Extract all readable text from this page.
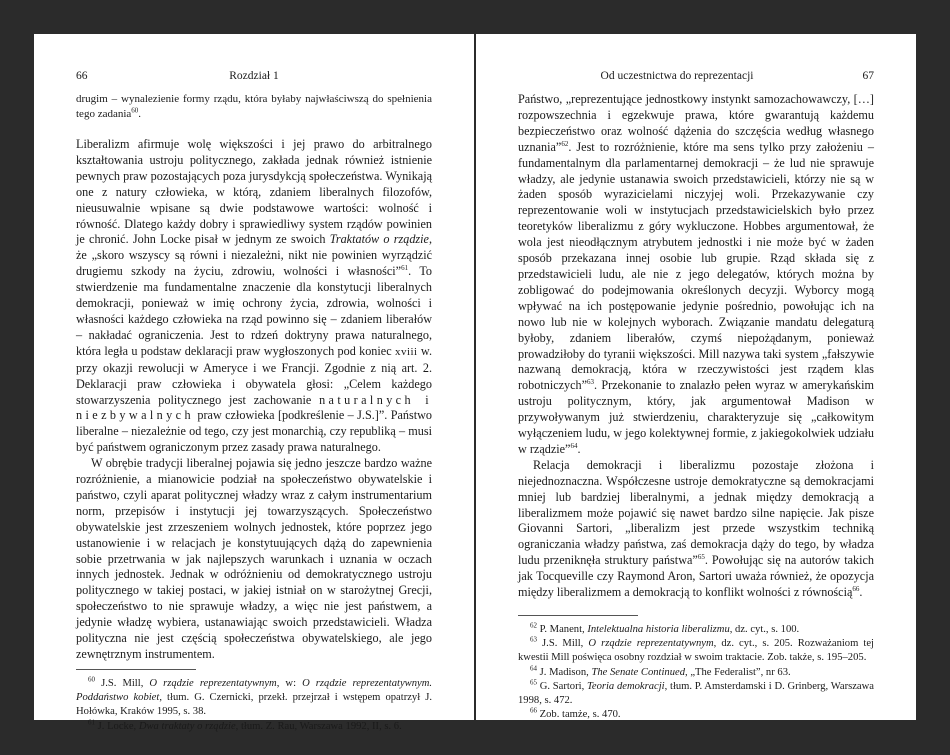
66	Rozdział 1

drugim – wynalezienie formy rządu, która byłaby najwłaściwszą do spełnienia tego zadania$^{60}$.

Liberalizm afirmuje wolę większości i jej prawo do arbitralnego kształtowania ustroju politycznego, zakłada jednak również istnienie pewnych praw pozostających poza jurysdykcją społeczeństwa. Wynikają one z natury człowieka, w którą, zdaniem liberalnych filozofów, nieusuwalnie wpisane są dwie podstawowe wartości: wolność i równość. Dlatego każdy dobry i sprawiedliwy system rządów powinien je chronić. John Locke pisał w jednym ze swoich Traktatów o rządzie, że „skoro wszyscy są równi i niezależni, nikt nie powinien wyrządzić drugiemu szkody na życiu, zdrowiu, wolności i własności”$^{61}$. To stwierdzenie ma fundamentalne znaczenie dla konstytucji liberalnych demokracji, ponieważ w imię ochrony życia, zdrowia, wolności i własności każdego człowieka na rząd powinno się – zdaniem liberałów – nakładać ograniczenia. Jest to rdzeń doktryny prawa naturalnego, która legła u podstaw deklaracji praw wygłoszonych pod koniec xviii w. przy okazji rewolucji w Ameryce i we Francji. Zgodnie z nią art. 2. Deklaracji praw człowieka i obywatela głosi: „Celem każdego stowarzyszenia politycznego jest zachowanie naturalnych i niezbywalnych praw człowieka [podkreślenie – J.S.]”. Państwo liberalne – niezależnie od tego, czy jest monarchią, czy republiką – musi być państwem ograniczonym przez zasady prawa naturalnego.

W obrębie tradycji liberalnej pojawia się jedno jeszcze bardzo ważne rozróżnienie, a mianowicie podział na społeczeństwo obywatelskie i państwo, czyli aparat politycznej władzy wraz z całym instrumentarium norm, przepisów i instytucji jej towarzyszących. Społeczeństwo obywatelskie jest zrzeszeniem wolnych jednostek, które poprzez jego ustanowienie i w relacjach je konstytuujących dążą do zapewnienia sobie przetrwania w jak najlepszych warunkach i uznania w oczach innych jednostek. Jednak w odróżnieniu od demokratycznego ustroju politycznego w takiej postaci, w jakiej istniał on w starożytnej Grecji, społeczeństwo to nie sprawuje władzy, a więc nie jest państwem, a jedynie władzę wybiera, ustanawiając swoich przedstawicieli. Władza polityczna nie jest częścią społeczeństwa obywatelskiego, ale jego zewnętrznym instrumentem.

$^{60}$ J.S. Mill, O rządzie reprezentatywnym, w: O rządzie reprezentatywnym. Poddaństwo kobiet, tłum. G. Czernicki, przekł. przejrzał i wstępem opatrzył J. Hołówka, Kraków 1995, s. 38.

$^{61}$ J. Locke, Dwa traktaty o rządzie, tłum. Z. Rau, Warszawa 1992, II, s. 6.

Od uczestnictwa do reprezentacji	67

Państwo, „reprezentujące jednostkowy instynkt samozachowawczy, […] rozpowszechnia i egzekwuje prawa, które gwarantują każdemu bezpieczeństwo oraz wolność dążenia do szczęścia według własnego uznania”$^{62}$. Jest to rozróżnienie, które ma sens tylko przy założeniu – fundamentalnym dla parlamentarnej demokracji – że lud nie sprawuje władzy, ale jedynie ustanawia swoich przedstawicieli, którzy nie są w żaden sposób wyrazicielami niczyjej woli. Przekazywanie czy reprezentowanie woli w instytucjach przedstawicielskich było przez teoretyków liberalizmu z góry wykluczone. Hobbes argumentował, że wola jest nieodłącznym atrybutem jednostki i nie może być w żaden sposób przekazana innej osobie lub grupie. Rząd składa się z przedstawicieli ludu, ale nie z jego delegatów, których można by zobligować do podejmowania określonych decyzji. Wyborcy mogą wpływać na ich postępowanie jedynie pośrednio, powołując ich na nowo lub nie w kolejnych wyborach. Związanie mandatu delegaturą byłoby, zdaniem liberałów, czymś niepożądanym, ponieważ prowadziłoby do tyranii większości. Mill nazywa taki system „fałszywie nazwaną demokracją, która w rzeczywistości jest rządem klas robotniczych”$^{63}$. Przekonanie to znalazło pełen wyraz w amerykańskim ustroju politycznym, który, jak argumentował Madison w przywoływanym już stwierdzeniu, charakteryzuje się „całkowitym wyłączeniem ludu, w jego kolektywnej formie, z jakiegokolwiek udziału w rządzie”$^{64}$.

Relacja demokracji i liberalizmu pozostaje złożona i niejednoznaczna. Współczesne ustroje demokratyczne są demokracjami mniej lub bardziej liberalnymi, a jednak między demokracją a liberalizmem może pojawić się nawet bardzo silne napięcie. Jak pisze Giovanni Sartori, „liberalizm jest przede wszystkim techniką ograniczania władzy państwa, zaś demokracja dąży do tego, by władza ludu przeniknęła struktury państwa”$^{65}$. Powołując się na autorów takich jak Tocqueville czy Raymond Aron, Sartori uważa również, że opozycja między liberalizmem a demokracją to konflikt wolności z równością$^{66}$.

$^{62}$ P. Manent, Intelektualna historia liberalizmu, dz. cyt., s. 100.

$^{63}$ J.S. Mill, O rządzie reprezentatywnym, dz. cyt., s. 205. Rozważaniom tej kwestii Mill poświęca osobny rozdział w swoim traktacie. Zob. także, s. 195–205.

$^{64}$ J. Madison, The Senate Continued, „The Federalist”, nr 63.

$^{65}$ G. Sartori, Teoria demokracji, tłum. P. Amsterdamski i D. Grinberg, Warszawa 1998, s. 472.

$^{66}$ Zob. tamże, s. 470.
